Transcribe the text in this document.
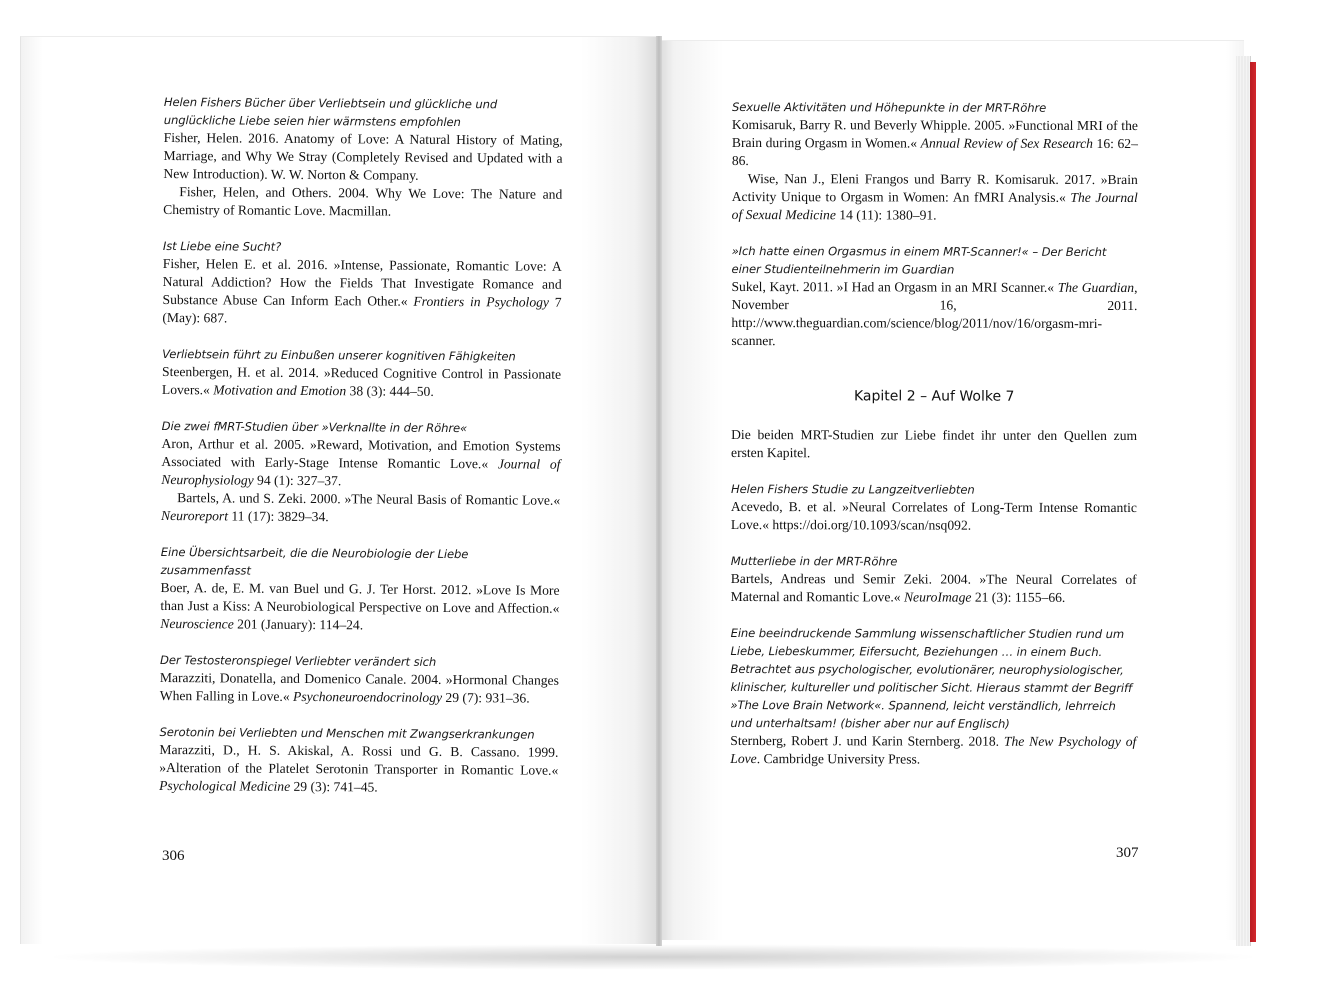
Helen Fishers Bücher über Verliebtsein und glückliche und unglückliche Liebe seien hier wärmstens empfohlen

Fisher, Helen. 2016. Anatomy of Love: A Natural History of Mating, Marriage, and Why We Stray (Completely Revised and Updated with a New Introduction). W. W. Norton & Company.

Fisher, Helen, and Others. 2004. Why We Love: The Nature and Chemistry of Romantic Love. Macmillan.

Ist Liebe eine Sucht?

Fisher, Helen E. et al. 2016. »Intense, Passionate, Romantic Love: A Natural Addiction? How the Fields That Investigate Romance and Substance Abuse Can Inform Each Other.« Frontiers in Psychology 7 (May): 687.

Verliebtsein führt zu Einbußen unserer kognitiven Fähigkeiten

Steenbergen, H. et al. 2014. »Reduced Cognitive Control in Passionate Lovers.« Motivation and Emotion 38 (3): 444–50.

Die zwei fMRT-Studien über »Verknallte in der Röhre«

Aron, Arthur et al. 2005. »Reward, Motivation, and Emotion Systems Associated with Early-Stage Intense Romantic Love.« Journal of Neurophysiology 94 (1): 327–37.

Bartels, A. und S. Zeki. 2000. »The Neural Basis of Romantic Love.« Neuroreport 11 (17): 3829–34.

Eine Übersichtsarbeit, die die Neurobiologie der Liebe zusammenfasst

Boer, A. de, E. M. van Buel und G. J. Ter Horst. 2012. »Love Is More than Just a Kiss: A Neurobiological Perspective on Love and Affection.« Neuroscience 201 (January): 114–24.

Der Testosteronspiegel Verliebter verändert sich

Marazziti, Donatella, and Domenico Canale. 2004. »Hormonal Changes When Falling in Love.« Psychoneuroendocrinology 29 (7): 931–36.

Serotonin bei Verliebten und Menschen mit Zwangserkrankungen

Marazziti, D., H. S. Akiskal, A. Rossi und G. B. Cassano. 1999. »Alteration of the Platelet Serotonin Transporter in Romantic Love.« Psychological Medicine 29 (3): 741–45.

Sexuelle Aktivitäten und Höhepunkte in der MRT-Röhre

Komisaruk, Barry R. und Beverly Whipple. 2005. »Functional MRI of the Brain during Orgasm in Women.« Annual Review of Sex Research 16: 62–86.

Wise, Nan J., Eleni Frangos und Barry R. Komisaruk. 2017. »Brain Activity Unique to Orgasm in Women: An fMRI Analysis.« The Journal of Sexual Medicine 14 (11): 1380–91.

»Ich hatte einen Orgasmus in einem MRT-Scanner!« – Der Bericht einer Studienteilnehmerin im Guardian

Sukel, Kayt. 2011. »I Had an Orgasm in an MRI Scanner.« The Guardian, November 16, 2011. http://www.theguardian.com/science/blog/2011/nov/16/orgasm-mri-scanner.

Kapitel 2 – Auf Wolke 7

Die beiden MRT-Studien zur Liebe findet ihr unter den Quellen zum ersten Kapitel.

Helen Fishers Studie zu Langzeitverliebten

Acevedo, B. et al. »Neural Correlates of Long-Term Intense Romantic Love.« https://doi.org/10.1093/scan/nsq092.

Mutterliebe in der MRT-Röhre

Bartels, Andreas und Semir Zeki. 2004. »The Neural Correlates of Maternal and Romantic Love.« NeuroImage 21 (3): 1155–66.

Eine beeindruckende Sammlung wissenschaftlicher Studien rund um Liebe, Liebeskummer, Eifersucht, Beziehungen … in einem Buch. Betrachtet aus psychologischer, evolutionärer, neurophysiologischer, klinischer, kultureller und politischer Sicht. Hieraus stammt der Begriff »The Love Brain Network«. Spannend, leicht verständlich, lehrreich und unterhaltsam! (bisher aber nur auf Englisch)

Sternberg, Robert J. und Karin Sternberg. 2018. The New Psychology of Love. Cambridge University Press.

306	307
